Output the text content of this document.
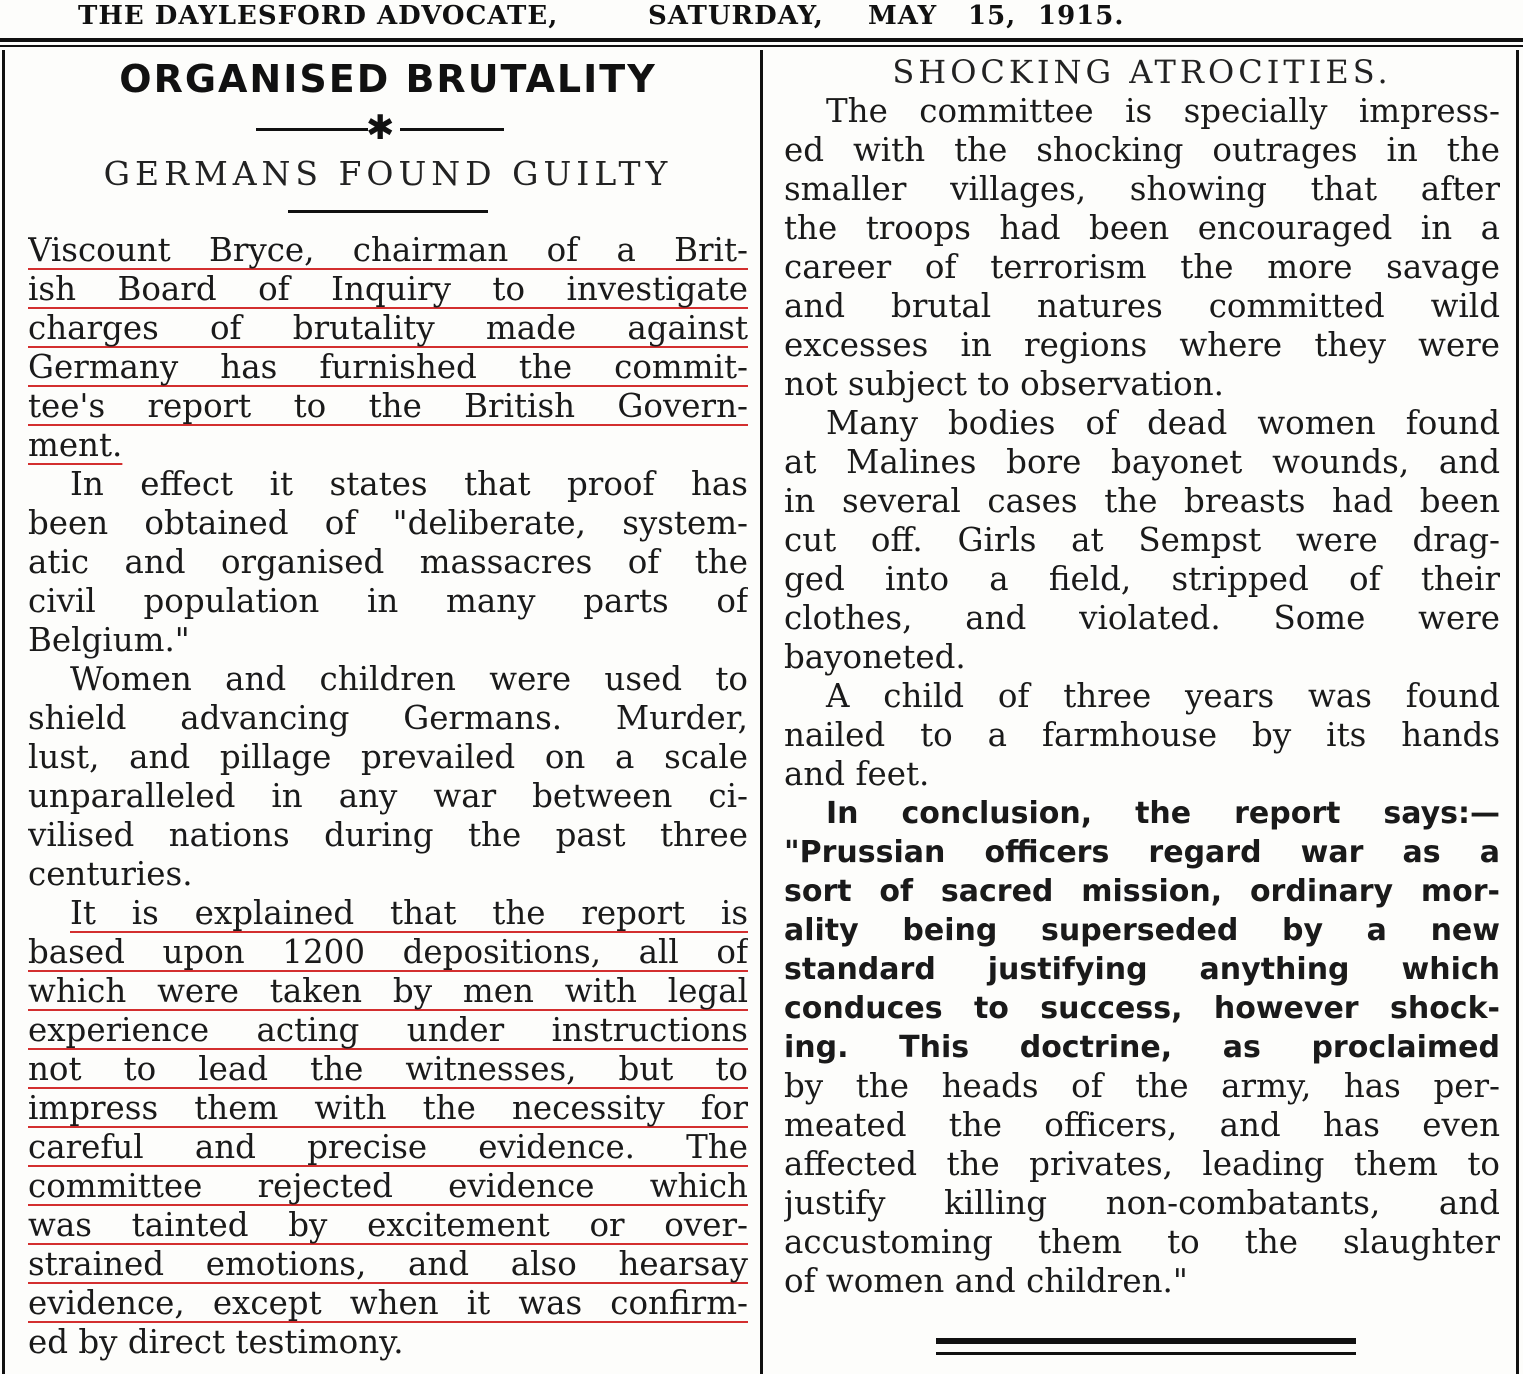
THE DAYLESFORD ADVOCATE,	SATURDAY, MAY 15, 1915.
ORGANISED BRUTALITY
✱
GERMANS FOUND GUILTY
Viscount Bryce, chairman of a Brit-
ish Board of Inquiry to investigate
charges of brutality made against
Germany has furnished the commit-
tee's report to the British Govern-
ment.
In effect it states that proof has
been obtained of "deliberate, system-
atic and organised massacres of the
civil population in many parts of
Belgium."
Women and children were used to
shield advancing Germans. Murder,
lust, and pillage prevailed on a scale
unparalleled in any war between ci-
vilised nations during the past three
centuries.
It is explained that the report is
based upon 1200 depositions, all of
which were taken by men with legal
experience acting under instructions
not to lead the witnesses, but to
impress them with the necessity for
careful and precise evidence. The
committee rejected evidence which
was tainted by excitement or over-
strained emotions, and also hearsay
evidence, except when it was confirm-
ed by direct testimony.
SHOCKING ATROCITIES.
The committee is specially impress-
ed with the shocking outrages in the
smaller villages, showing that after
the troops had been encouraged in a
career of terrorism the more savage
and brutal natures committed wild
excesses in regions where they were
not subject to observation.
Many bodies of dead women found
at Malines bore bayonet wounds, and
in several cases the breasts had been
cut off. Girls at Sempst were drag-
ged into a field, stripped of their
clothes, and violated. Some were
bayoneted.
A child of three years was found
nailed to a farmhouse by its hands
and feet.
In conclusion, the report says:—
"Prussian officers regard war as a
sort of sacred mission, ordinary mor-
ality being superseded by a new
standard justifying anything which
conduces to success, however shock-
ing. This doctrine, as proclaimed
by the heads of the army, has per-
meated the officers, and has even
affected the privates, leading them to
justify killing non-combatants, and
accustoming them to the slaughter
of women and children."
